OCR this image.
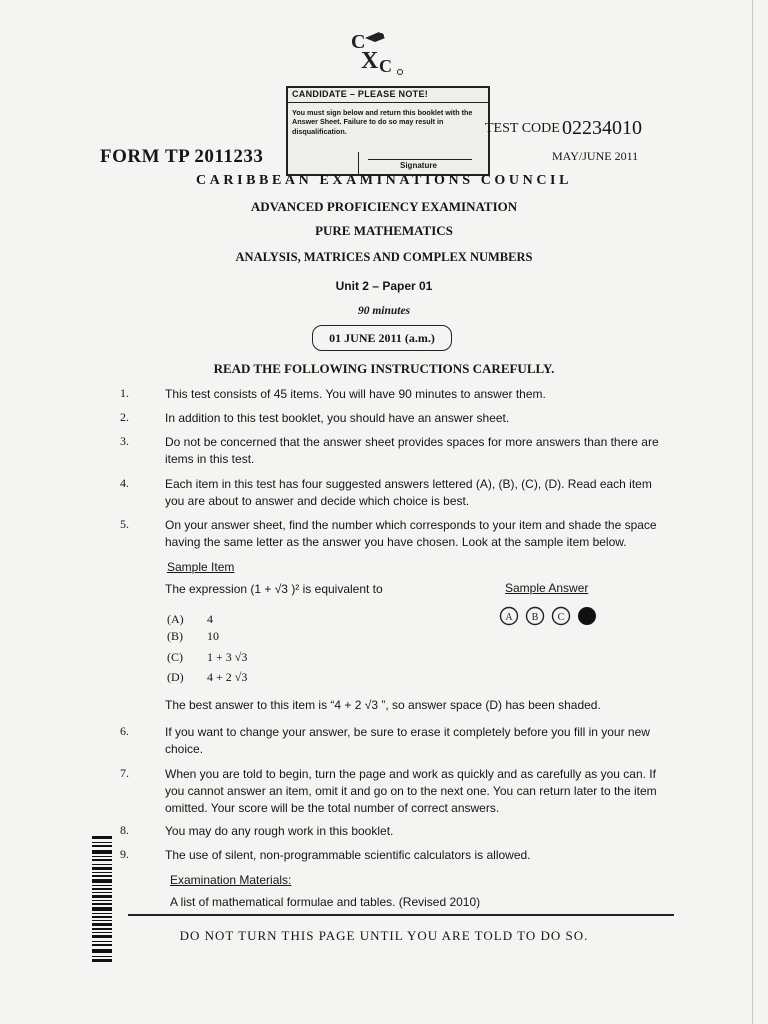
C
X C
CANDIDATE – PLEASE NOTE!
You must sign below and return this booklet with the Answer Sheet. Failure to do so may result in disqualification.
Signature
FORM TP 2011233
TEST CODE 02234010
MAY/JUNE 2011
CARIBBEAN EXAMINATIONS COUNCIL
ADVANCED PROFICIENCY EXAMINATION
PURE MATHEMATICS
ANALYSIS, MATRICES AND COMPLEX NUMBERS
Unit 2 – Paper 01
90 minutes
01 JUNE 2011 (a.m.)
READ THE FOLLOWING INSTRUCTIONS CAREFULLY.
1.	This test consists of 45 items. You will have 90 minutes to answer them.
2.	In addition to this test booklet, you should have an answer sheet.
3.	Do not be concerned that the answer sheet provides spaces for more answers than there are items in this test.
4.	Each item in this test has four suggested answers lettered (A), (B), (C), (D). Read each item you are about to answer and decide which choice is best.
5.	On your answer sheet, find the number which corresponds to your item and shade the space having the same letter as the answer you have chosen. Look at the sample item below.
Sample Item
The expression (1 + √3 )² is equivalent to	Sample Answer
(A) 4
(B) 10
(C) 1 + 3 √3
(D) 4 + 2 √3
A B C
The best answer to this item is “4 + 2 √3 ”, so answer space (D) has been shaded.
6.	If you want to change your answer, be sure to erase it completely before you fill in your new choice.
7.	When you are told to begin, turn the page and work as quickly and as carefully as you can. If you cannot answer an item, omit it and go on to the next one. You can return later to the item omitted. Your score will be the total number of correct answers.
8.	You may do any rough work in this booklet.
9.	The use of silent, non-programmable scientific calculators is allowed.
Examination Materials:
A list of mathematical formulae and tables. (Revised 2010)
DO NOT TURN THIS PAGE UNTIL YOU ARE TOLD TO DO SO.
